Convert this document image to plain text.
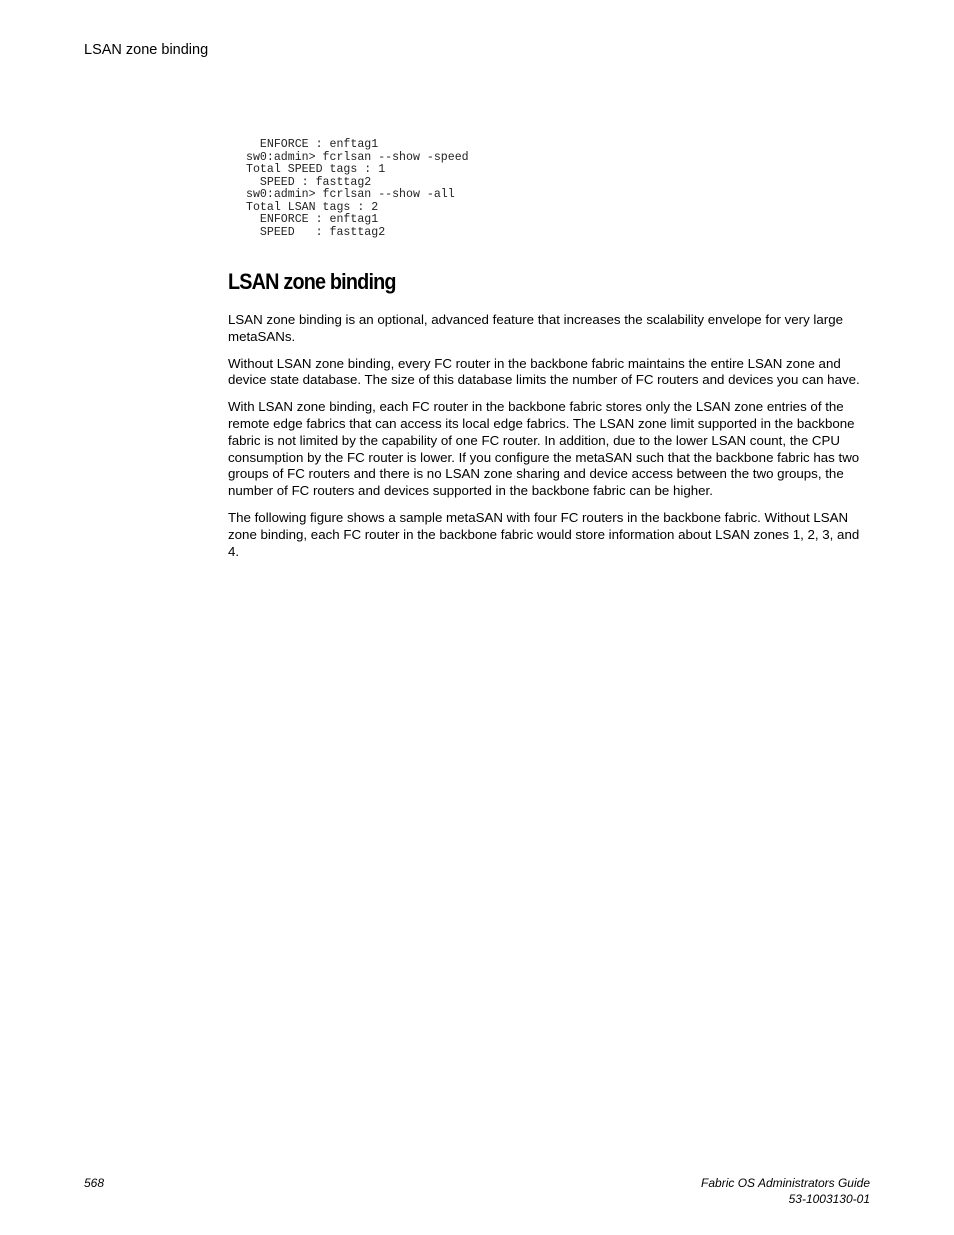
LSAN zone binding
ENFORCE : enftag1
sw0:admin> fcrlsan --show -speed
Total SPEED tags : 1
SPEED : fasttag2
sw0:admin> fcrlsan --show -all
Total LSAN tags : 2
ENFORCE : enftag1
SPEED   : fasttag2
LSAN zone binding

LSAN zone binding is an optional, advanced feature that increases the scalability envelope for very large metaSANs.

Without LSAN zone binding, every FC router in the backbone fabric maintains the entire LSAN zone and device state database. The size of this database limits the number of FC routers and devices you can have.

With LSAN zone binding, each FC router in the backbone fabric stores only the LSAN zone entries of the remote edge fabrics that can access its local edge fabrics. The LSAN zone limit supported in the backbone fabric is not limited by the capability of one FC router. In addition, due to the lower LSAN count, the CPU consumption by the FC router is lower. If you configure the metaSAN such that the backbone fabric has two groups of FC routers and there is no LSAN zone sharing and device access between the two groups, the number of FC routers and devices supported in the backbone fabric can be higher.

The following figure shows a sample metaSAN with four FC routers in the backbone fabric. Without LSAN zone binding, each FC router in the backbone fabric would store information about LSAN zones 1, 2, 3, and 4.

568	Fabric OS Administrators Guide
53-1003130-01
